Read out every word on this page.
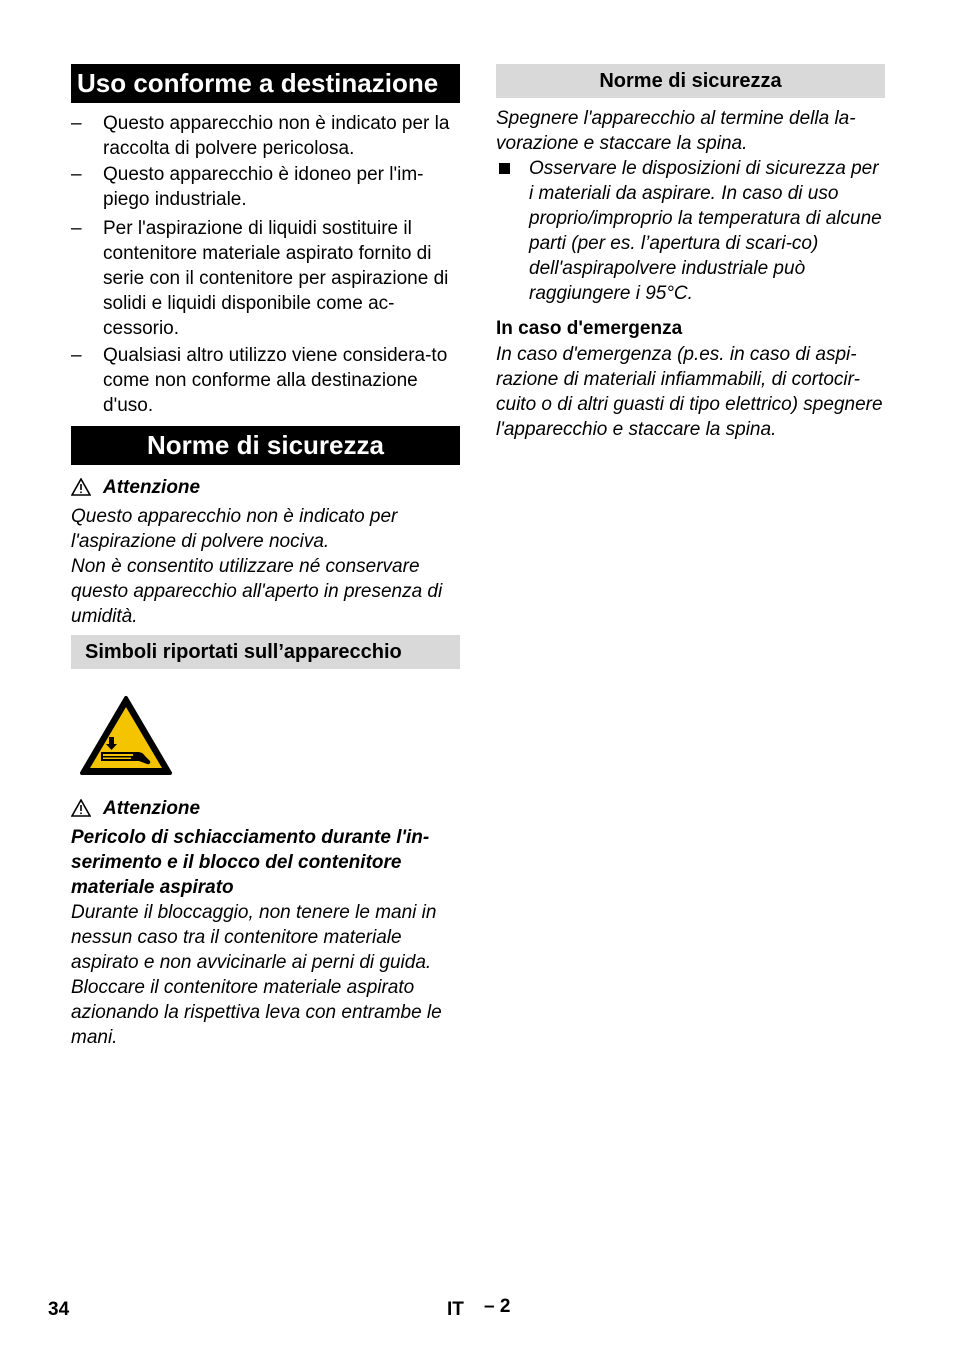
Uso conforme a destinazione
–	Questo apparecchio non è indicato per la raccolta di polvere pericolosa.
–	Questo apparecchio è idoneo per l'im-piego industriale.
–	Per l'aspirazione di liquidi sostituire il contenitore materiale aspirato fornito di serie con il contenitore per aspirazione di solidi e liquidi disponibile come ac-cessorio.
–	Qualsiasi altro utilizzo viene considera-to come non conforme alla destinazione d'uso.
Norme di sicurezza
Attenzione

Questo apparecchio non è indicato per l'aspirazione di polvere nociva.

Non è consentito utilizzare né conservare questo apparecchio all'aperto in presenza di umidità.

Simboli riportati sull’apparecchio
Attenzione

Pericolo di schiacciamento durante l'in-serimento e il blocco del contenitore materiale aspirato

Durante il bloccaggio, non tenere le mani in nessun caso tra il contenitore materiale aspirato e non avvicinarle ai perni di guida.

Bloccare il contenitore materiale aspirato azionando la rispettiva leva con entrambe le mani.

Norme di sicurezza

Spegnere l'apparecchio al termine della la-vorazione e staccare la spina.

Osservare le disposizioni di sicurezza per i materiali da aspirare. In caso di uso proprio/improprio la temperatura di alcune parti (per es. l’apertura di scari-co) dell'aspirapolvere industriale può raggiungere i 95°C.

In caso d'emergenza

In caso d'emergenza (p.es. in caso di aspi-razione di materiali infiammabili, di cortocir-cuito o di altri guasti di tipo elettrico) spegnere l'apparecchio e staccare la spina.

34	IT – 2
